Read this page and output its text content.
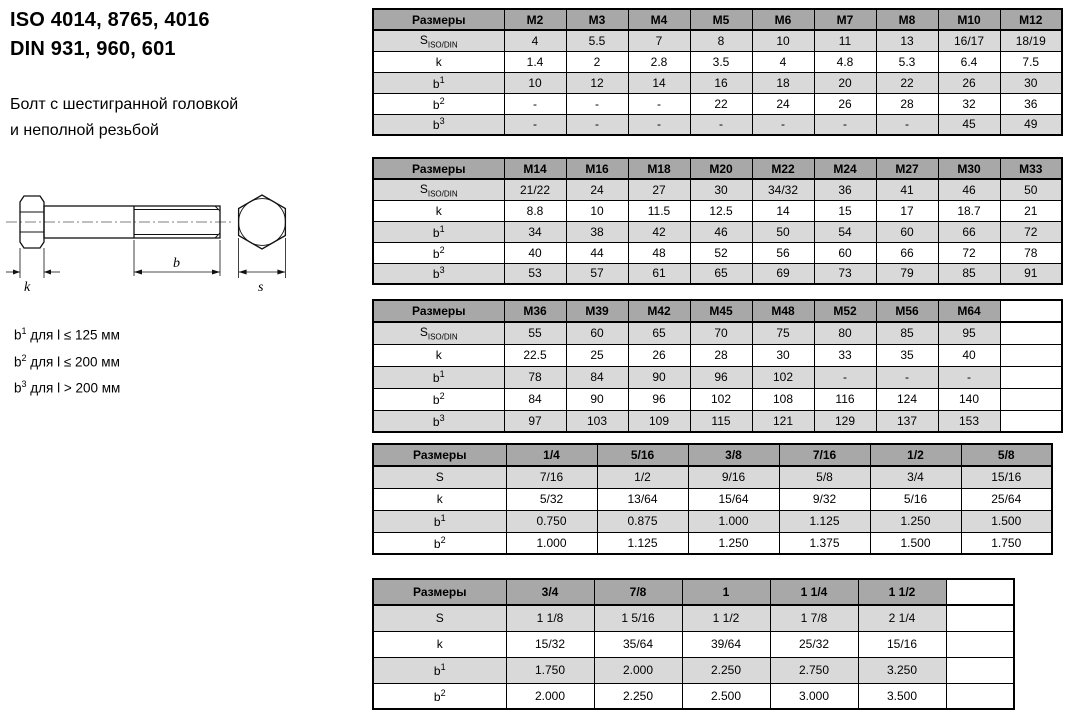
ISO 4014, 8765, 4016
DIN 931, 960, 601
Болт с шестигранной головкой
и неполной резьбой
k
b
s
$b^1$ для l ≤ 125 мм
$b^2$ для l ≤ 200 мм
$b^3$ для l > 200 мм
Размеры	M2	M3	M4	M5	M6	M7	M8	M10	M12
$S_{ISO/DIN}$	4	5.5	7	8	10	11	13	16/17	18/19
k	1.4	2	2.8	3.5	4	4.8	5.3	6.4	7.5
$b^1$	10	12	14	16	18	20	22	26	30
$b^2$	-	-	-	22	24	26	28	32	36
$b^3$	-	-	-	-	-	-	-	45	49
Размеры	M14	M16	M18	M20	M22	M24	M27	M30	M33
$S_{ISO/DIN}$	21/22	24	27	30	34/32	36	41	46	50
k	8.8	10	11.5	12.5	14	15	17	18.7	21
$b^1$	34	38	42	46	50	54	60	66	72
$b^2$	40	44	48	52	56	60	66	72	78
$b^3$	53	57	61	65	69	73	79	85	91
Размеры	M36	M39	M42	M45	M48	M52	M56	M64	
$S_{ISO/DIN}$	55	60	65	70	75	80	85	95	
k	22.5	25	26	28	30	33	35	40	
$b^1$	78	84	90	96	102	-	-	-	
$b^2$	84	90	96	102	108	116	124	140	
$b^3$	97	103	109	115	121	129	137	153	
Размеры	1/4	5/16	3/8	7/16	1/2	5/8
S	7/16	1/2	9/16	5/8	3/4	15/16
k	5/32	13/64	15/64	9/32	5/16	25/64
$b^1$	0.750	0.875	1.000	1.125	1.250	1.500
$b^2$	1.000	1.125	1.250	1.375	1.500	1.750
Размеры	3/4	7/8	1	1 1/4	1 1/2	
S	1 1/8	1 5/16	1 1/2	1 7/8	2 1/4	
k	15/32	35/64	39/64	25/32	15/16	
$b^1$	1.750	2.000	2.250	2.750	3.250	
$b^2$	2.000	2.250	2.500	3.000	3.500	
